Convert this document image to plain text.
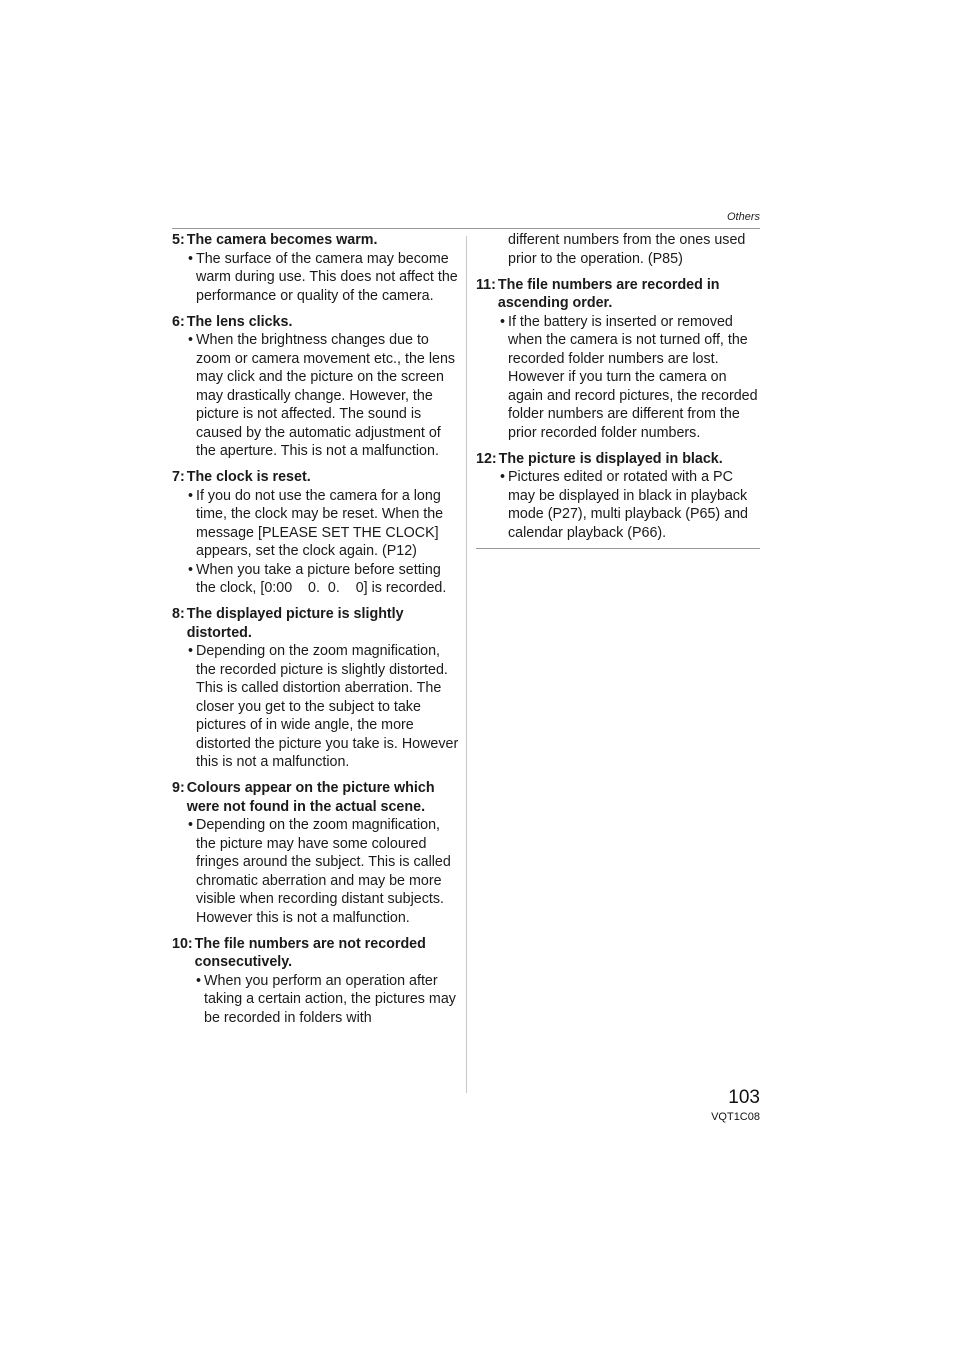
Others
5: The camera becomes warm.
• The surface of the camera may become warm during use. This does not affect the performance or quality of the camera.
6: The lens clicks.
• When the brightness changes due to zoom or camera movement etc., the lens may click and the picture on the screen may drastically change. However, the picture is not affected. The sound is caused by the automatic adjustment of the aperture. This is not a malfunction.
7: The clock is reset.
• If you do not use the camera for a long time, the clock may be reset. When the message [PLEASE SET THE CLOCK] appears, set the clock again. (P12)
• When you take a picture before setting the clock, [0:00    0.  0.    0] is recorded.
8: The displayed picture is slightly distorted.
• Depending on the zoom magnification, the recorded picture is slightly distorted. This is called distortion aberration. The closer you get to the subject to take pictures of in wide angle, the more distorted the picture you take is. However this is not a malfunction.
9: Colours appear on the picture which were not found in the actual scene.
• Depending on the zoom magnification, the picture may have some coloured fringes around the subject. This is called chromatic aberration and may be more visible when recording distant subjects. However this is not a malfunction.
10: The file numbers are not recorded consecutively.
• When you perform an operation after taking a certain action, the pictures may be recorded in folders with
different numbers from the ones used prior to the operation. (P85)
11: The file numbers are recorded in ascending order.
• If the battery is inserted or removed when the camera is not turned off, the recorded folder numbers are lost. However if you turn the camera on again and record pictures, the recorded folder numbers are different from the prior recorded folder numbers.
12: The picture is displayed in black.
• Pictures edited or rotated with a PC may be displayed in black in playback mode (P27), multi playback (P65) and calendar playback (P66).
103
VQT1C08
